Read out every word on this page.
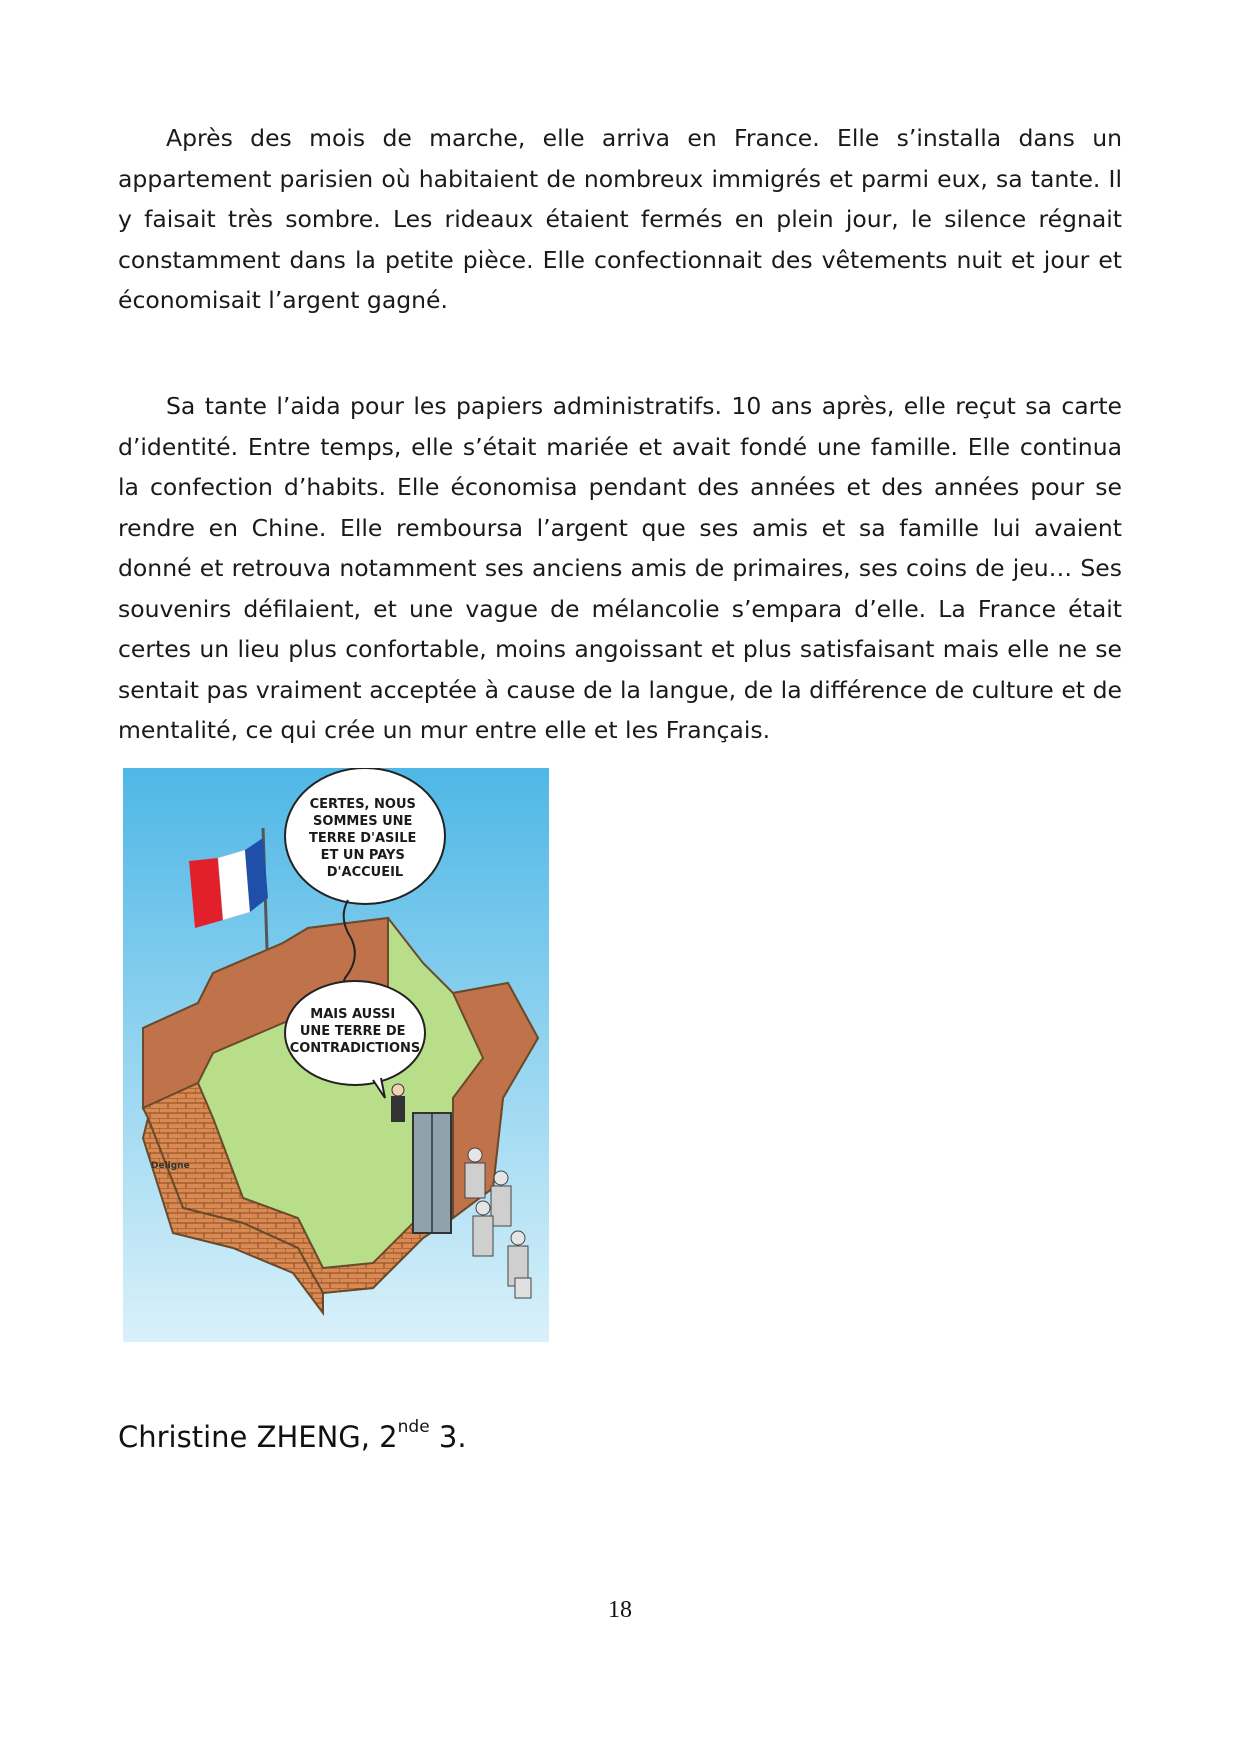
Après des mois de marche, elle arriva en France. Elle s’installa dans un appartement parisien où habitaient de nombreux immigrés et parmi eux, sa tante. Il y faisait très sombre. Les rideaux étaient fermés en plein jour, le silence régnait constamment dans la petite pièce. Elle confectionnait des vêtements nuit et jour et économisait l’argent gagné.

Sa tante l’aida pour les papiers administratifs. 10 ans après, elle reçut sa carte d’identité. Entre temps, elle s’était mariée et avait fondé une famille. Elle continua la confection d’habits. Elle économisa pendant des années et des années pour se rendre en Chine. Elle remboursa l’argent que ses amis et sa famille lui avaient donné et retrouva notamment ses anciens amis de primaires, ses coins de jeu… Ses souvenirs défilaient, et une vague de mélancolie s’empara d’elle. La France était certes un lieu plus confortable, moins angoissant et plus satisfaisant mais elle ne se sentait pas vraiment acceptée à cause de la langue, de la différence de culture et de mentalité, ce qui crée un mur entre elle et les Français.

CERTES, NOUS SOMMES UNE TERRE D'ASILE ET UN PAYS D'ACCUEIL
MAIS AUSSI UNE TERRE DE CONTRADICTIONS
Deligne

Christine ZHENG, 2nde 3.

18
